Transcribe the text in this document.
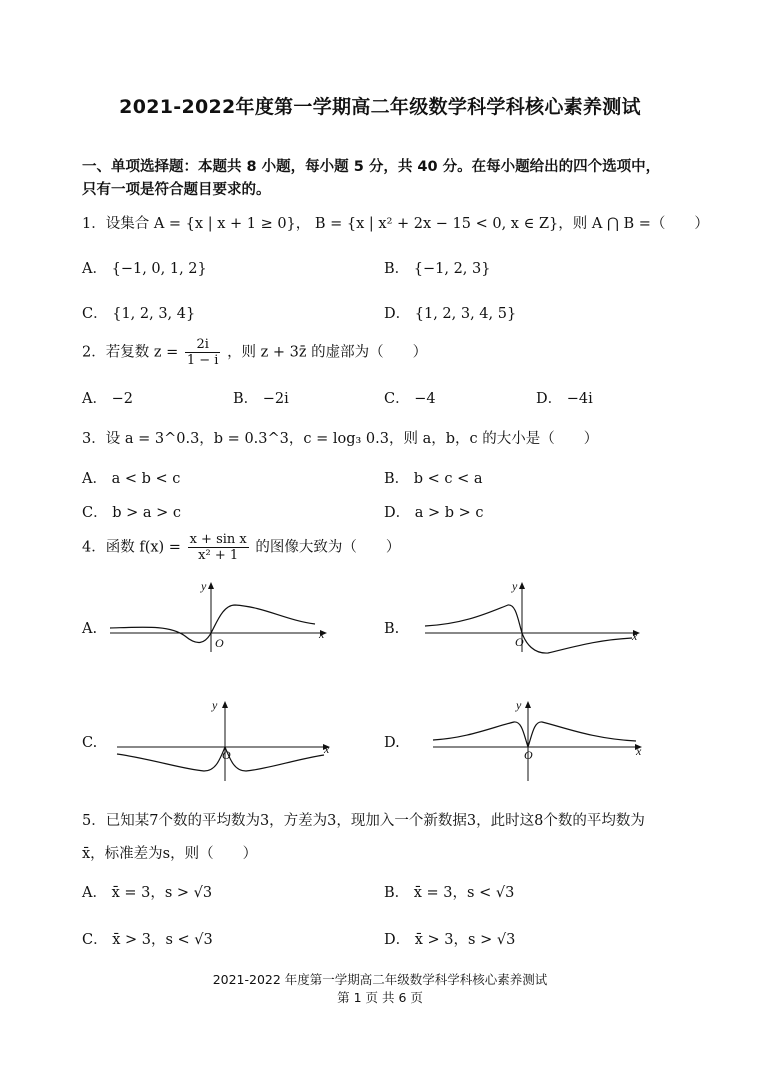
2021-2022年度第一学期高二年级数学科学科核心素养测试
一、单项选择题：本题共 8 小题，每小题 5 分，共 40 分。在每小题给出的四个选项中，
只有一项是符合题目要求的。
1．设集合 A = {x | x + 1 ≥ 0}， B = {x | x² + 2x − 15 < 0, x ∈ Z}，则 A ⋂ B =（　　）
A． {−1, 0, 1, 2}	B． {−1, 2, 3}
C． {1, 2, 3, 4}	D． {1, 2, 3, 4, 5}
2．若复数 $z = \frac{2i}{1 - i}$ ，则 z + 3z̄ 的虚部为（　　）
A． −2	B． −2i	C． −4	D． −4i
3．设 a = 3^0.3，b = 0.3^3，c = log₃ 0.3，则 a，b，c 的大小是（　　）
A． a < b < c	B． b < c < a
C． b > a > c	D． a > b > c
4．函数 $f(x) = \frac{\text{x + sin x}}{\text{x² + 1}}$ 的图像大致为（　　）
A.	x
y
O
B.	x
y
O
C.	x
y
O
D.	x
y
O
5．已知某7个数的平均数为3，方差为3，现加入一个新数据3，此时这8个数的平均数为
x̄，标准差为s，则（　　）
A． x̄ = 3，s > √3	B． x̄ = 3，s < √3
C． x̄ > 3，s < √3	D． x̄ > 3，s > √3
2021-2022 年度第一学期高二年级数学科学科核心素养测试
第 1 页 共 6 页
